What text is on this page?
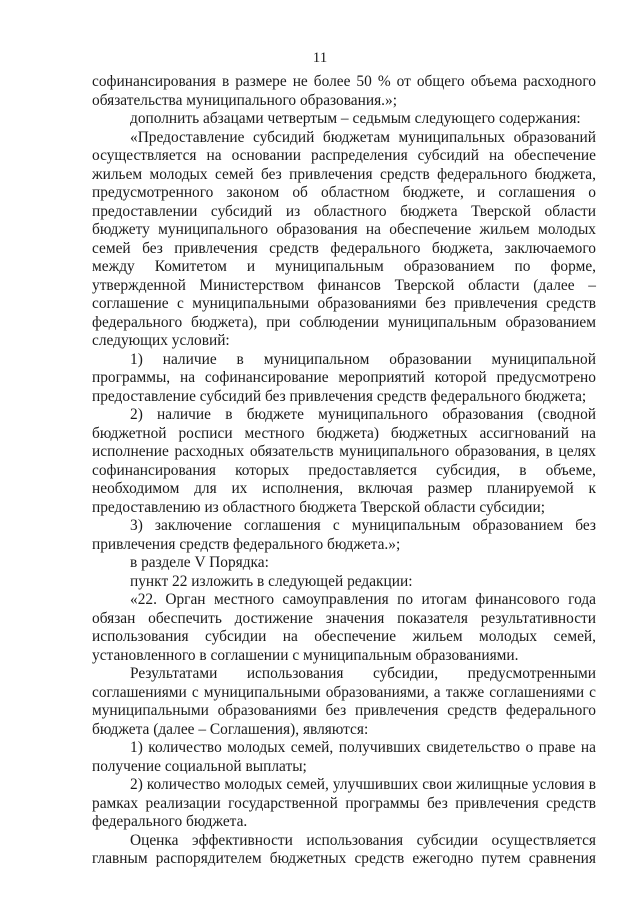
11

софинансирования в размере не более 50 % от общего объема расходного обязательства муниципального образования.»;

дополнить абзацами четвертым – седьмым следующего содержания:

«Предоставление субсидий бюджетам муниципальных образований осуществляется на основании распределения субсидий на обеспечение жильем молодых семей без привлечения средств федерального бюджета, предусмотренного законом об областном бюджете, и соглашения о предоставлении субсидий из областного бюджета Тверской области бюджету муниципального образования на обеспечение жильем молодых семей без привлечения средств федерального бюджета, заключаемого между Комитетом и муниципальным образованием по форме, утвержденной Министерством финансов Тверской области (далее – соглашение с муниципальными образованиями без привлечения средств федерального бюджета), при соблюдении муниципальным образованием следующих условий:

1) наличие в муниципальном образовании муниципальной программы, на софинансирование мероприятий которой предусмотрено предоставление субсидий без привлечения средств федерального бюджета;

2) наличие в бюджете муниципального образования (сводной бюджетной росписи местного бюджета) бюджетных ассигнований на исполнение расходных обязательств муниципального образования, в целях софинансирования которых предоставляется субсидия, в объеме, необходимом для их исполнения, включая размер планируемой к предоставлению из областного бюджета Тверской области субсидии;

3) заключение соглашения с муниципальным образованием без привлечения средств федерального бюджета.»;

в разделе V Порядка:

пункт 22 изложить в следующей редакции:

«22. Орган местного самоуправления по итогам финансового года обязан обеспечить достижение значения показателя результативности использования субсидии на обеспечение жильем молодых семей, установленного в соглашении с муниципальным образованиями.

Результатами использования субсидии, предусмотренными соглашениями с муниципальными образованиями, а также соглашениями с муниципальными образованиями без привлечения средств федерального бюджета (далее – Соглашения), являются:

1) количество молодых семей, получивших свидетельство о праве на получение социальной выплаты;

2) количество молодых семей, улучшивших свои жилищные условия в рамках реализации государственной программы без привлечения средств федерального бюджета.

Оценка эффективности использования субсидии осуществляется главным распорядителем бюджетных средств ежегодно путем сравнения
